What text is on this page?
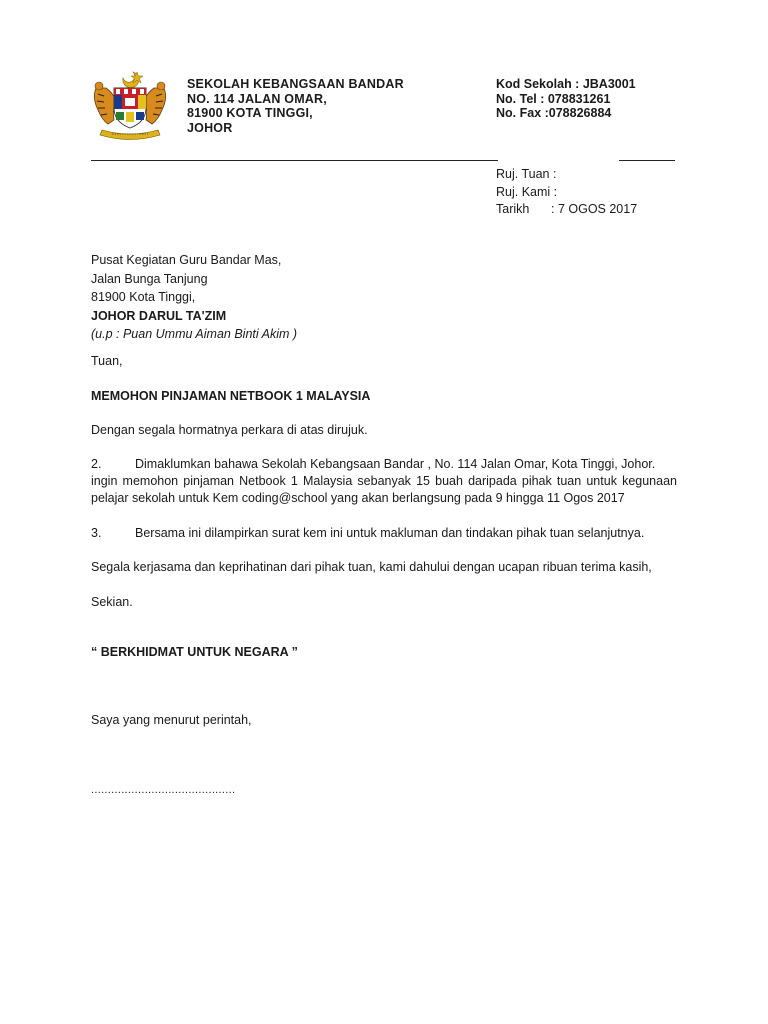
SEKOLAH KEBANGSAAN BANDAR
NO. 114 JALAN OMAR,
81900 KOTA TINGGI,
JOHOR
Kod Sekolah : JBA3001
No. Tel : 078831261
No. Fax :078826884
Ruj. Tuan :
Ruj. Kami :
Tarikh	: 7 OGOS 2017
Pusat Kegiatan Guru Bandar Mas,
Jalan Bunga Tanjung
81900 Kota Tinggi,
JOHOR DARUL TA'ZIM
(u.p : Puan Ummu Aiman Binti Akim )
Tuan,
MEMOHON PINJAMAN NETBOOK 1 MALAYSIA
Dengan segala hormatnya perkara di atas dirujuk.
2.	Dimaklumkan bahawa Sekolah Kebangsaan Bandar , No. 114 Jalan Omar, Kota Tinggi, Johor.
ingin memohon pinjaman Netbook 1 Malaysia sebanyak 15 buah daripada pihak tuan untuk kegunaan pelajar sekolah untuk Kem coding@school yang akan berlangsung pada 9 hingga 11 Ogos 2017
3.	Bersama ini dilampirkan surat kem ini untuk makluman dan tindakan pihak tuan selanjutnya.
Segala kerjasama dan keprihatinan dari pihak tuan, kami dahului dengan ucapan ribuan terima kasih,
Sekian.
“ BERKHIDMAT UNTUK NEGARA ”
Saya yang menurut perintah,
...........................................
